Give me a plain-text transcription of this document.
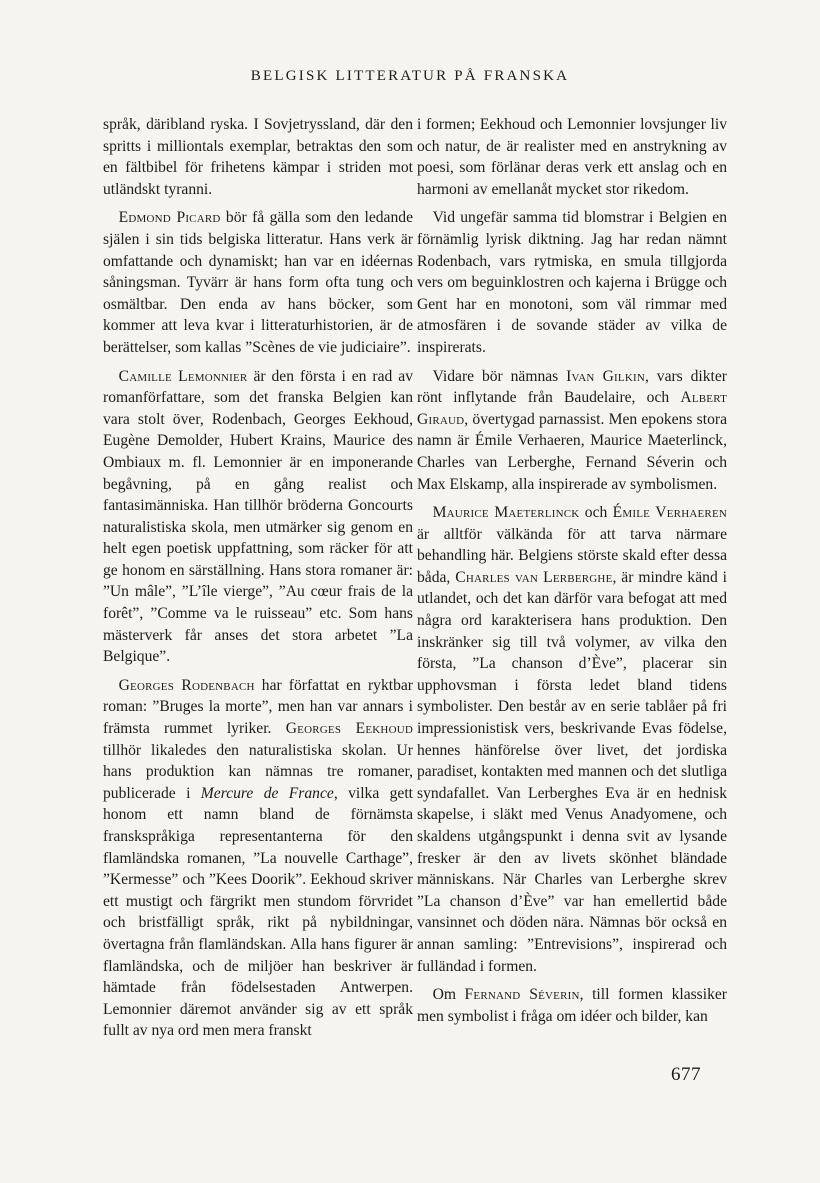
BELGISK LITTERATUR PÅ FRANSKA

språk, däribland ryska. I Sovjetryssland, där den spritts i milliontals exemplar, betraktas den som en fältbibel för frihetens kämpar i striden mot utländskt tyranni.

 Edmond Picard bör få gälla som den ledande själen i sin tids belgiska litteratur. Hans verk är omfattande och dynamiskt; han var en idéernas såningsman. Tyvärr är hans form ofta tung och osmältbar. Den enda av hans böcker, som kommer att leva kvar i litteraturhistorien, är de berättelser, som kallas ”Scènes de vie judiciaire”.

 Camille Lemonnier är den första i en rad av romanförfattare, som det franska Belgien kan vara stolt över, Rodenbach, Georges Eekhoud, Eugène Demolder, Hubert Krains, Maurice des Ombiaux m. fl. Lemonnier är en imponerande begåvning, på en gång realist och fantasimänniska. Han tillhör bröderna Goncourts naturalistiska skola, men utmärker sig genom en helt egen poetisk uppfattning, som räcker för att ge honom en särställning. Hans stora romaner är: ”Un mâle”, ”L’île vierge”, ”Au cœur frais de la forêt”, ”Comme va le ruisseau” etc. Som hans mästerverk får anses det stora arbetet ”La Belgique”.

 Georges Rodenbach har författat en ryktbar roman: ”Bruges la morte”, men han var annars i främsta rummet lyriker. Georges Eekhoud tillhör likaledes den naturalistiska skolan. Ur hans produktion kan nämnas tre romaner, publicerade i Mercure de France, vilka gett honom ett namn bland de förnämsta franskspråkiga representanterna för den flamländska romanen, ”La nouvelle Carthage”, ”Kermesse” och ”Kees Doorik”. Eekhoud skriver ett mustigt och färgrikt men stundom förvridet och bristfälligt språk, rikt på nybildningar, övertagna från flamländskan. Alla hans figurer är flamländska, och de miljöer han beskriver är hämtade från födelsestaden Antwerpen. Lemonnier däremot använder sig av ett språk fullt av nya ord men mera franskt

i formen; Eekhoud och Lemonnier lovsjunger liv och natur, de är realister med en anstrykning av poesi, som förlänar deras verk ett anslag och en harmoni av emellanåt mycket stor rikedom.

 Vid ungefär samma tid blomstrar i Belgien en förnämlig lyrisk diktning. Jag har redan nämnt Rodenbach, vars rytmiska, en smula tillgjorda vers om beguinklostren och kajerna i Brügge och Gent har en monotoni, som väl rimmar med atmosfären i de sovande städer av vilka de inspirerats.

 Vidare bör nämnas Ivan Gilkin, vars dikter rönt inflytande från Baudelaire, och Albert Giraud, övertygad parnassist. Men epokens stora namn är Émile Verhaeren, Maurice Maeterlinck, Charles van Lerberghe, Fernand Séverin och Max Elskamp, alla inspirerade av symbolismen.

 Maurice Maeterlinck och Émile Verhaeren är alltför välkända för att tarva närmare behandling här. Belgiens störste skald efter dessa båda, Charles van Lerberghe, är mindre känd i utlandet, och det kan därför vara befogat att med några ord karakterisera hans produktion. Den inskränker sig till två volymer, av vilka den första, ”La chanson d’Ève”, placerar sin upphovsman i första ledet bland tidens symbolister. Den består av en serie tablåer på fri impressionistisk vers, beskrivande Evas födelse, hennes hänförelse över livet, det jordiska paradiset, kontakten med mannen och det slutliga syndafallet. Van Lerberghes Eva är en hednisk skapelse, i släkt med Venus Anadyomene, och skaldens utgångspunkt i denna svit av lysande fresker är den av livets skönhet bländade människans. När Charles van Lerberghe skrev ”La chanson d’Ève” var han emellertid både vansinnet och döden nära. Nämnas bör också en annan samling: ”Entrevisions”, inspirerad och fulländad i formen.

 Om Fernand Séverin, till formen klassiker men symbolist i fråga om idéer och bilder, kan

677
